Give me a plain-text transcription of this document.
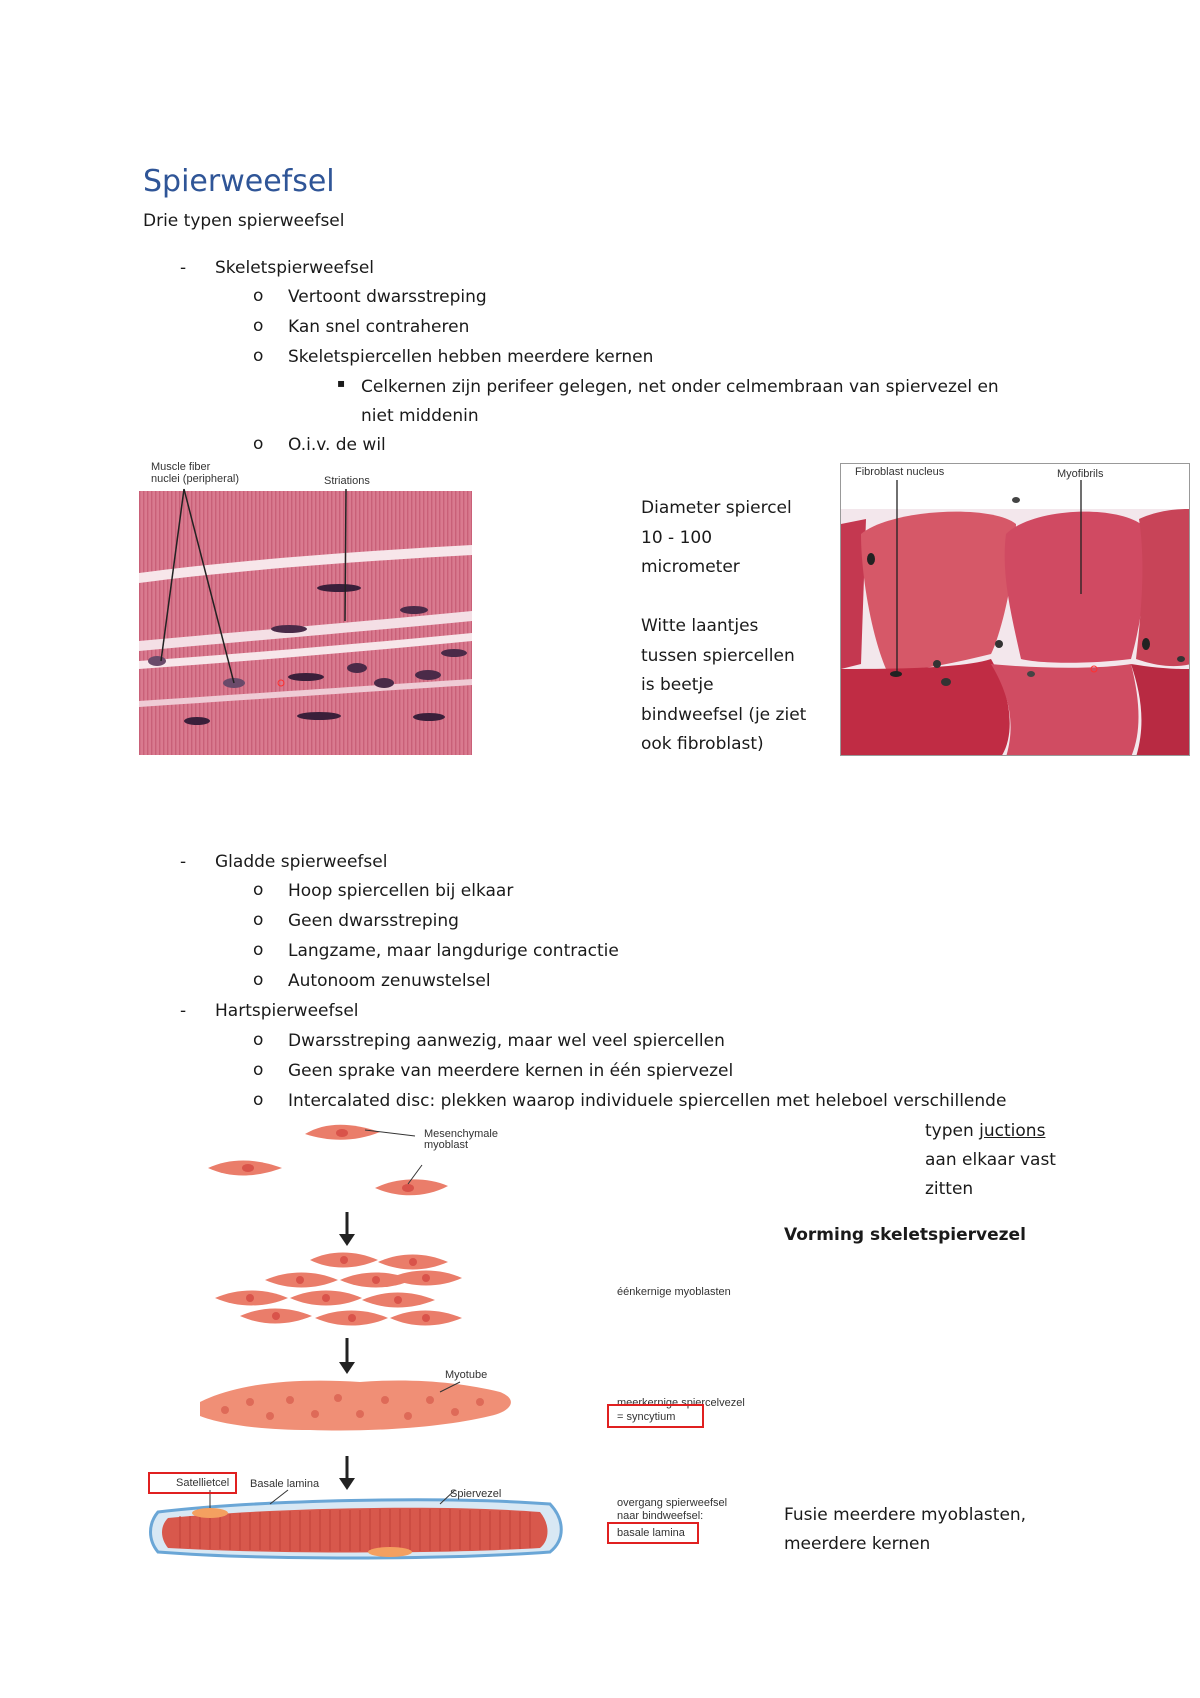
Spierweefsel
Drie typen spierweefsel
- Skeletspierweefsel
o Vertoont dwarsstreping
o Kan snel contraheren
o Skeletspiercellen hebben meerdere kernen
▪ Celkernen zijn perifeer gelegen, net onder celmembraan van spiervezel en
niet middenin
o O.i.v. de wil
Muscle fiber
nuclei (peripheral)	Striations
Diameter spiercel
10 - 100
micrometer
Witte laantjes
tussen spiercellen
is beetje
bindweefsel (je ziet
ook fibroblast)
Fibroblast nucleus	Myofibrils
- Gladde spierweefsel
o Hoop spiercellen bij elkaar
o Geen dwarsstreping
o Langzame, maar langdurige contractie
o Autonoom zenuwstelsel
- Hartspierweefsel
o Dwarsstreping aanwezig, maar wel veel spiercellen
o Geen sprake van meerdere kernen in één spiervezel
o Intercalated disc: plekken waarop individuele spiercellen met heleboel verschillende
typen juctions
aan elkaar vast
zitten
Vorming skeletspiervezel
Mesenchymale
myoblast
éénkernige myoblasten
Myotube
meerkernige spiercelvezel
= syncytium
Satellietcel Basale lamina
Spiervezel
overgang spierweefsel
naar bindweefsel:
basale lamina
Fusie meerdere myoblasten,
meerdere kernen
